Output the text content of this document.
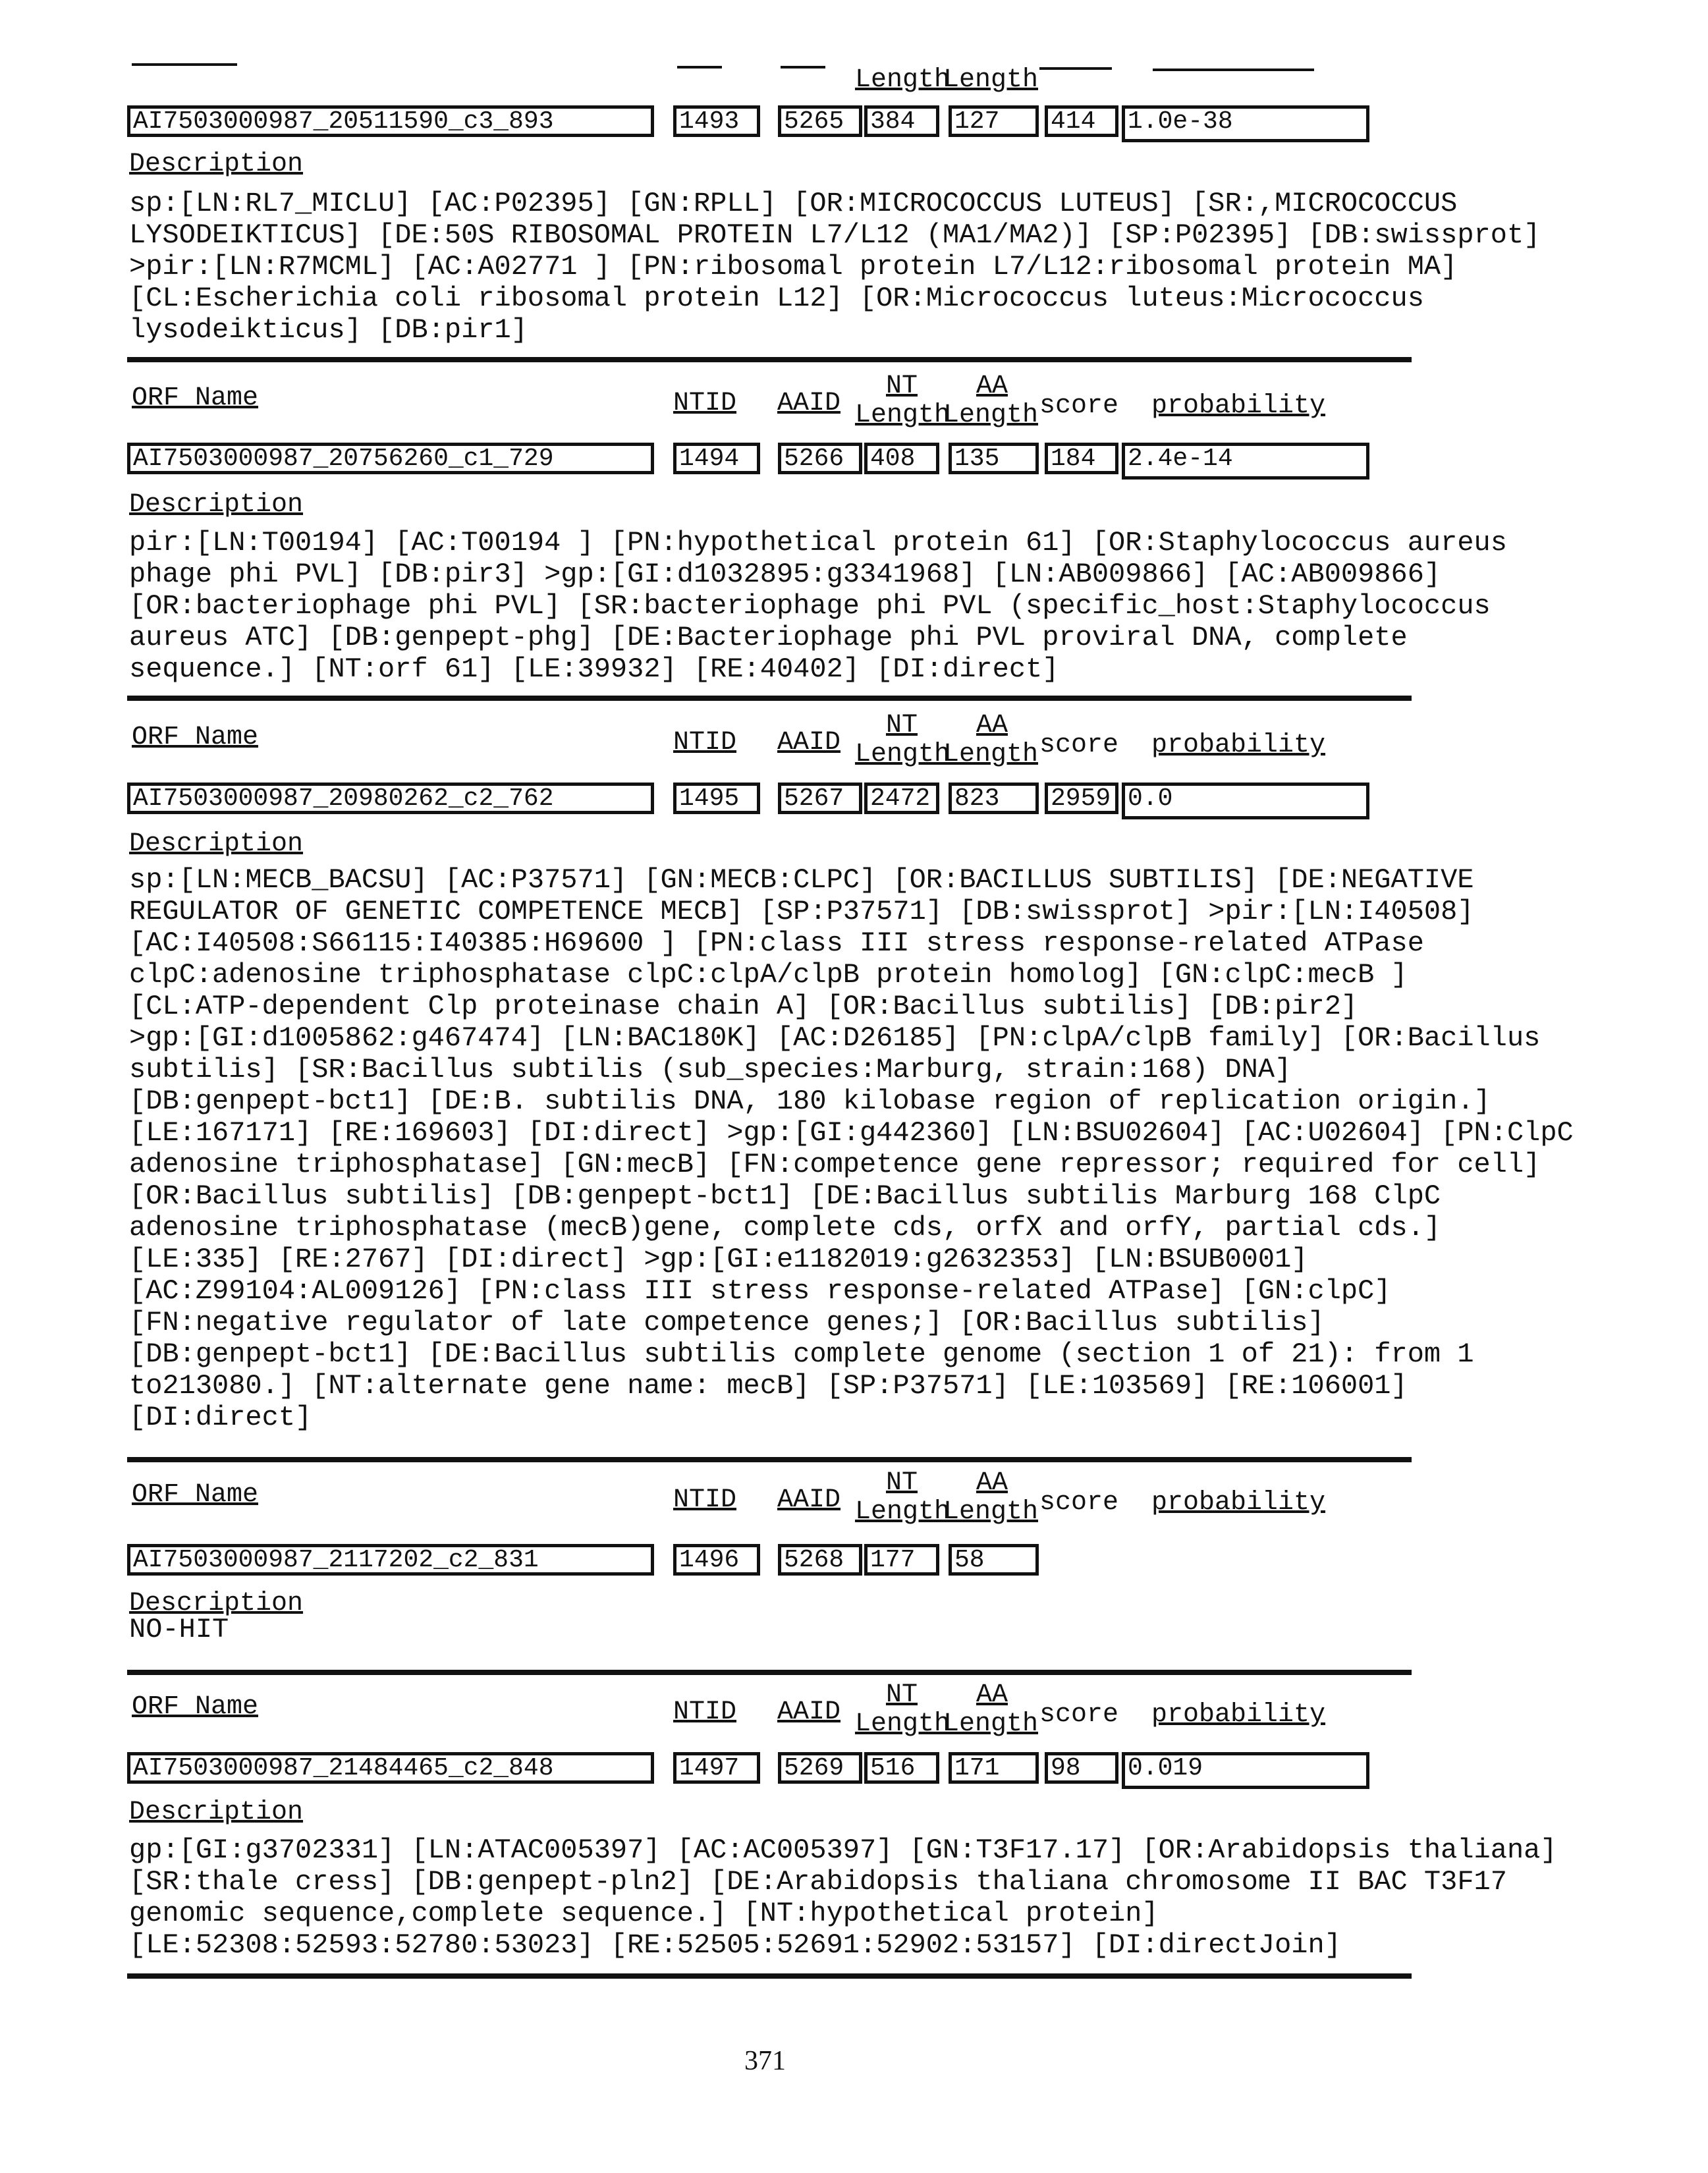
Length
Length
AI7503000987_20511590_c3_893	1493	5265	384	127	414	1.0e-38
Description
sp:[LN:RL7_MICLU] [AC:P02395] [GN:RPLL] [OR:MICROCOCCUS LUTEUS] [SR:,MICROCOCCUS
LYSODEIKTICUS] [DE:50S RIBOSOMAL PROTEIN L7/L12 (MA1/MA2)] [SP:P02395] [DB:swissprot]
>pir:[LN:R7MCML] [AC:A02771 ] [PN:ribosomal protein L7/L12:ribosomal protein MA]
[CL:Escherichia coli ribosomal protein L12] [OR:Micrococcus luteus:Micrococcus
lysodeikticus] [DB:pir1]
ORF Name	NTID AAID
NT
Length
AA
Length score probability
AI7503000987_20756260_c1_729	1494	5266	408	135	184	2.4e-14
Description
pir:[LN:T00194] [AC:T00194 ] [PN:hypothetical protein 61] [OR:Staphylococcus aureus
phage phi PVL] [DB:pir3] >gp:[GI:d1032895:g3341968] [LN:AB009866] [AC:AB009866]
[OR:bacteriophage phi PVL] [SR:bacteriophage phi PVL (specific_host:Staphylococcus
aureus ATC] [DB:genpept-phg] [DE:Bacteriophage phi PVL proviral DNA, complete
sequence.] [NT:orf 61] [LE:39932] [RE:40402] [DI:direct]
ORF Name	NTID AAID
NT
Length
AA
Length score probability
AI7503000987_20980262_c2_762	1495	5267	2472 823	2959 0.0
Description
sp:[LN:MECB_BACSU] [AC:P37571] [GN:MECB:CLPC] [OR:BACILLUS SUBTILIS] [DE:NEGATIVE
REGULATOR OF GENETIC COMPETENCE MECB] [SP:P37571] [DB:swissprot] >pir:[LN:I40508]
[AC:I40508:S66115:I40385:H69600 ] [PN:class III stress response-related ATPase
clpC:adenosine triphosphatase clpC:clpA/clpB protein homolog] [GN:clpC:mecB ]
[CL:ATP-dependent Clp proteinase chain A] [OR:Bacillus subtilis] [DB:pir2]
>gp:[GI:d1005862:g467474] [LN:BAC180K] [AC:D26185] [PN:clpA/clpB family] [OR:Bacillus
subtilis] [SR:Bacillus subtilis (sub_species:Marburg, strain:168) DNA]
[DB:genpept-bct1] [DE:B. subtilis DNA, 180 kilobase region of replication origin.]
[LE:167171] [RE:169603] [DI:direct] >gp:[GI:g442360] [LN:BSU02604] [AC:U02604] [PN:ClpC
adenosine triphosphatase] [GN:mecB] [FN:competence gene repressor; required for cell]
[OR:Bacillus subtilis] [DB:genpept-bct1] [DE:Bacillus subtilis Marburg 168 ClpC
adenosine triphosphatase (mecB)gene, complete cds, orfX and orfY, partial cds.]
[LE:335] [RE:2767] [DI:direct] >gp:[GI:e1182019:g2632353] [LN:BSUB0001]
[AC:Z99104:AL009126] [PN:class III stress response-related ATPase] [GN:clpC]
[FN:negative regulator of late competence genes;] [OR:Bacillus subtilis]
[DB:genpept-bct1] [DE:Bacillus subtilis complete genome (section 1 of 21): from 1
to213080.] [NT:alternate gene name: mecB] [SP:P37571] [LE:103569] [RE:106001]
[DI:direct]
ORF Name	NTID AAID
NT
Length
AA
Length score probability
AI7503000987_2117202_c2_831	1496	5268	177	58
Description
NO-HIT
ORF Name	NTID AAID
NT
Length
AA
Length score probability
AI7503000987_21484465_c2_848	1497	5269	516	171	98	0.019
Description
gp:[GI:g3702331] [LN:ATAC005397] [AC:AC005397] [GN:T3F17.17] [OR:Arabidopsis thaliana]
[SR:thale cress] [DB:genpept-pln2] [DE:Arabidopsis thaliana chromosome II BAC T3F17
genomic sequence,complete sequence.] [NT:hypothetical protein]
[LE:52308:52593:52780:53023] [RE:52505:52691:52902:53157] [DI:directJoin]
371
